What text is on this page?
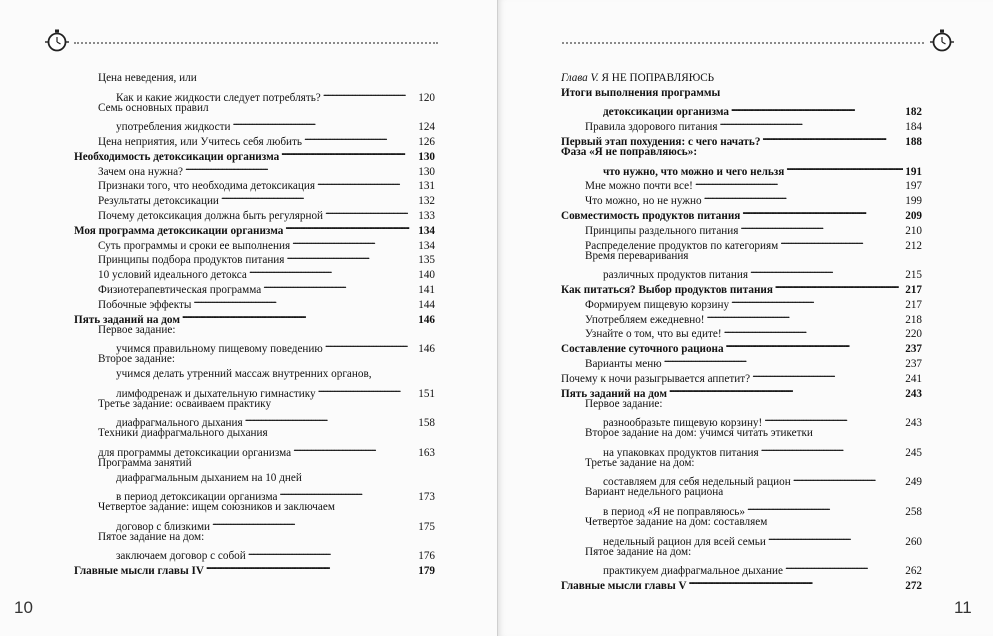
Цена неведения, или
Как и какие жидкости следует потреблять? . . .	120
Семь основных правил
употребления жидкости . . .	124
Цена неприятия, или Учитесь себя любить . . .	126
Необходимость детоксикации организма . . .	130
Зачем она нужна? . . .	130
Признаки того, что необходима детоксикация . . .	131
Результаты детоксикации . . .	132
Почему детоксикация должна быть регулярной . . .	133
Моя программа детоксикации организма . . .	134
Суть программы и сроки ее выполнения . . .	134
Принципы подбора продуктов питания . . .	135
10 условий идеального детокса . . .	140
Физиотерапевтическая программа . . .	141
Побочные эффекты . . .	144
Пять заданий на дом . . .	146
Первое задание:
учимся правильному пищевому поведению . . .	146
Второе задание:
учимся делать утренний массаж внутренних органов,
лимфодренаж и дыхательную гимнастику . . .	151
Третье задание: осваиваем практику
диафрагмального дыхания . . .	158
Техники диафрагмального дыхания
для программы детоксикации организма . . .	163
Программа занятий
диафрагмальным дыханием на 10 дней
в период детоксикации организма . . .	173
Четвертое задание: ищем союзников и заключаем
договор с близкими . . .	175
Пятое задание на дом:
заключаем договор с собой . . .	176
Главные мысли главы IV . . .	179
10
Глава V. Я НЕ ПОПРАВЛЯЮСЬ
Итоги выполнения программы
детоксикации организма . . .	182
Правила здорового питания . . .	184
Первый этап похудения: с чего начать? . . .	188
Фаза «Я не поправляюсь»:
что нужно, что можно и чего нельзя . . .	191
Мне можно почти все! . . .	197
Что можно, но не нужно . . .	199
Совместимость продуктов питания . . .	209
Принципы раздельного питания . . .	210
Распределение продуктов по категориям . . .	212
Время переваривания
различных продуктов питания . . .	215
Как питаться? Выбор продуктов питания . . .	217
Формируем пищевую корзину . . .	217
Употребляем ежедневно! . . .	218
Узнайте о том, что вы едите! . . .	220
Составление суточного рациона . . .	237
Варианты меню . . .	237
Почему к ночи разыгрывается аппетит? . . .	241
Пять заданий на дом . . .	243
Первое задание:
разнообразьте пищевую корзину! . . .	243
Второе задание на дом: учимся читать этикетки
на упаковках продуктов питания . . .	245
Третье задание на дом:
составляем для себя недельный рацион . . .	249
Вариант недельного рациона
в период «Я не поправляюсь» . . .	258
Четвертое задание на дом: составляем
недельный рацион для всей семьи . . .	260
Пятое задание на дом:
практикуем диафрагмальное дыхание . . .	262
Главные мысли главы V . . .	272
11
